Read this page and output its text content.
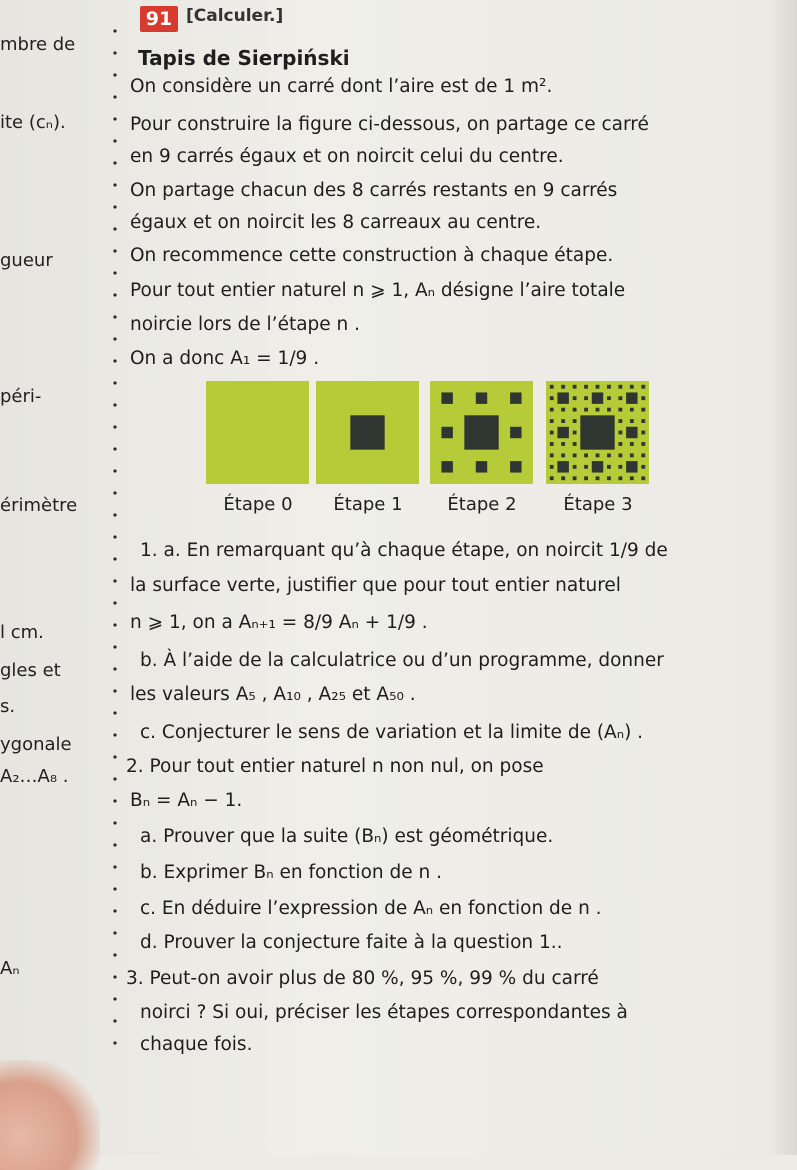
mbre de
ite (cₙ).
gueur
péri-
érimètre
l cm.
gles et
s.
ygonale
A₂…A₈ .
Aₙ
91 [Calculer.]
Tapis de Sierpiński
On considère un carré dont l’aire est de 1 m².
Pour construire la figure ci-dessous, on partage ce carré
en 9 carrés égaux et on noircit celui du centre.
On partage chacun des 8 carrés restants en 9 carrés
égaux et on noircit les 8 carreaux au centre.
On recommence cette construction à chaque étape.
Pour tout entier naturel n ⩾ 1, Aₙ désigne l’aire totale
noircie lors de l’étape n .
On a donc A₁ = 1/9 .
Étape 0	Étape 1	Étape 2	Étape 3
1. a. En remarquant qu’à chaque étape, on noircit 1/9 de
la surface verte, justifier que pour tout entier naturel
n ⩾ 1, on a Aₙ₊₁ = 8/9 Aₙ + 1/9 .
b. À l’aide de la calculatrice ou d’un programme, donner
les valeurs A₅ , A₁₀ , A₂₅ et A₅₀ .
c. Conjecturer le sens de variation et la limite de (Aₙ) .
2. Pour tout entier naturel n non nul, on pose
Bₙ = Aₙ − 1.
a. Prouver que la suite (Bₙ) est géométrique.
b. Exprimer Bₙ en fonction de n .
c. En déduire l’expression de Aₙ en fonction de n .
d. Prouver la conjecture faite à la question 1..
3. Peut-on avoir plus de 80 %, 95 %, 99 % du carré
noirci ? Si oui, préciser les étapes correspondantes à
chaque fois.
